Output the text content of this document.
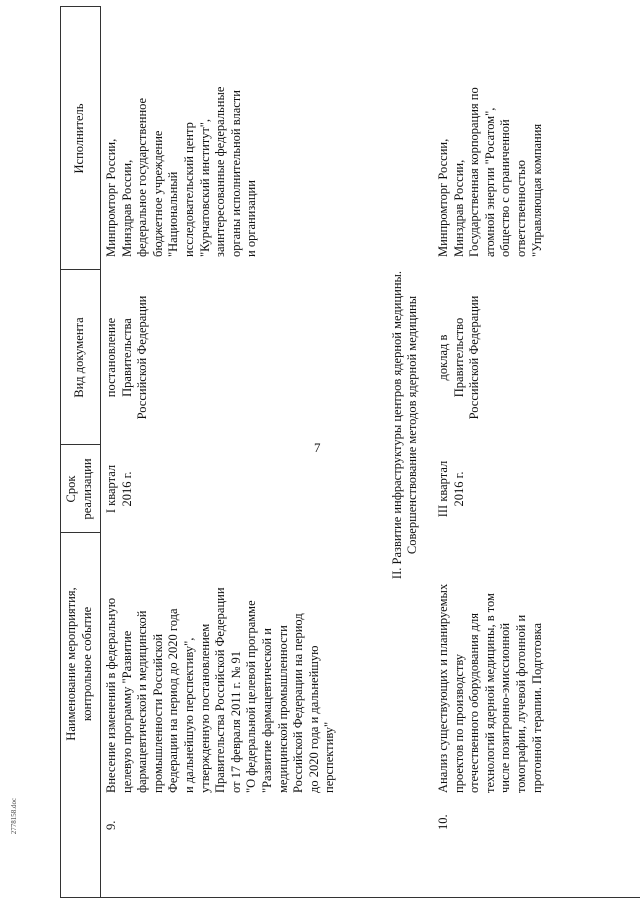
7
2778158.doc
Наименование мероприятия,
контрольное событие
Срок
реализации
Вид документа
Исполнитель
9.
Внесение изменений в федеральную
целевую программу "Развитие
фармацевтической и медицинской
промышленности Российской
Федерации на период до 2020 года
и дальнейшую перспективу",
утвержденную постановлением
Правительства Российской Федерации
от 17 февраля 2011 г. № 91
"О федеральной целевой программе
"Развитие фармацевтической и
медицинской промышленности
Российской Федерации на период
до 2020 года и дальнейшую
перспективу"
I квартал
2016 г.
постановление
Правительства
Российской Федерации
Минпромторг России,
Минздрав России,
федеральное государственное
бюджетное учреждение
"Национальный
исследовательский центр
"Курчатовский институт",
заинтересованные федеральные
органы исполнительной власти
и организации
II. Развитие инфраструктуры центров ядерной медицины. Совершенствование методов ядерной медицины
10.
Анализ существующих и планируемых
проектов по производству
отечественного оборудования для
технологий ядерной медицины, в том
числе позитронно-эмиссионной
томографии, лучевой фотонной и
протонной терапии. Подготовка
III квартал
2016 г.
доклад в
Правительство
Российской Федерации
Минпромторг России,
Минздрав России,
Государственная корпорация по
атомной энергии "Росатом",
общество с ограниченной
ответственностью
"Управляющая компания
